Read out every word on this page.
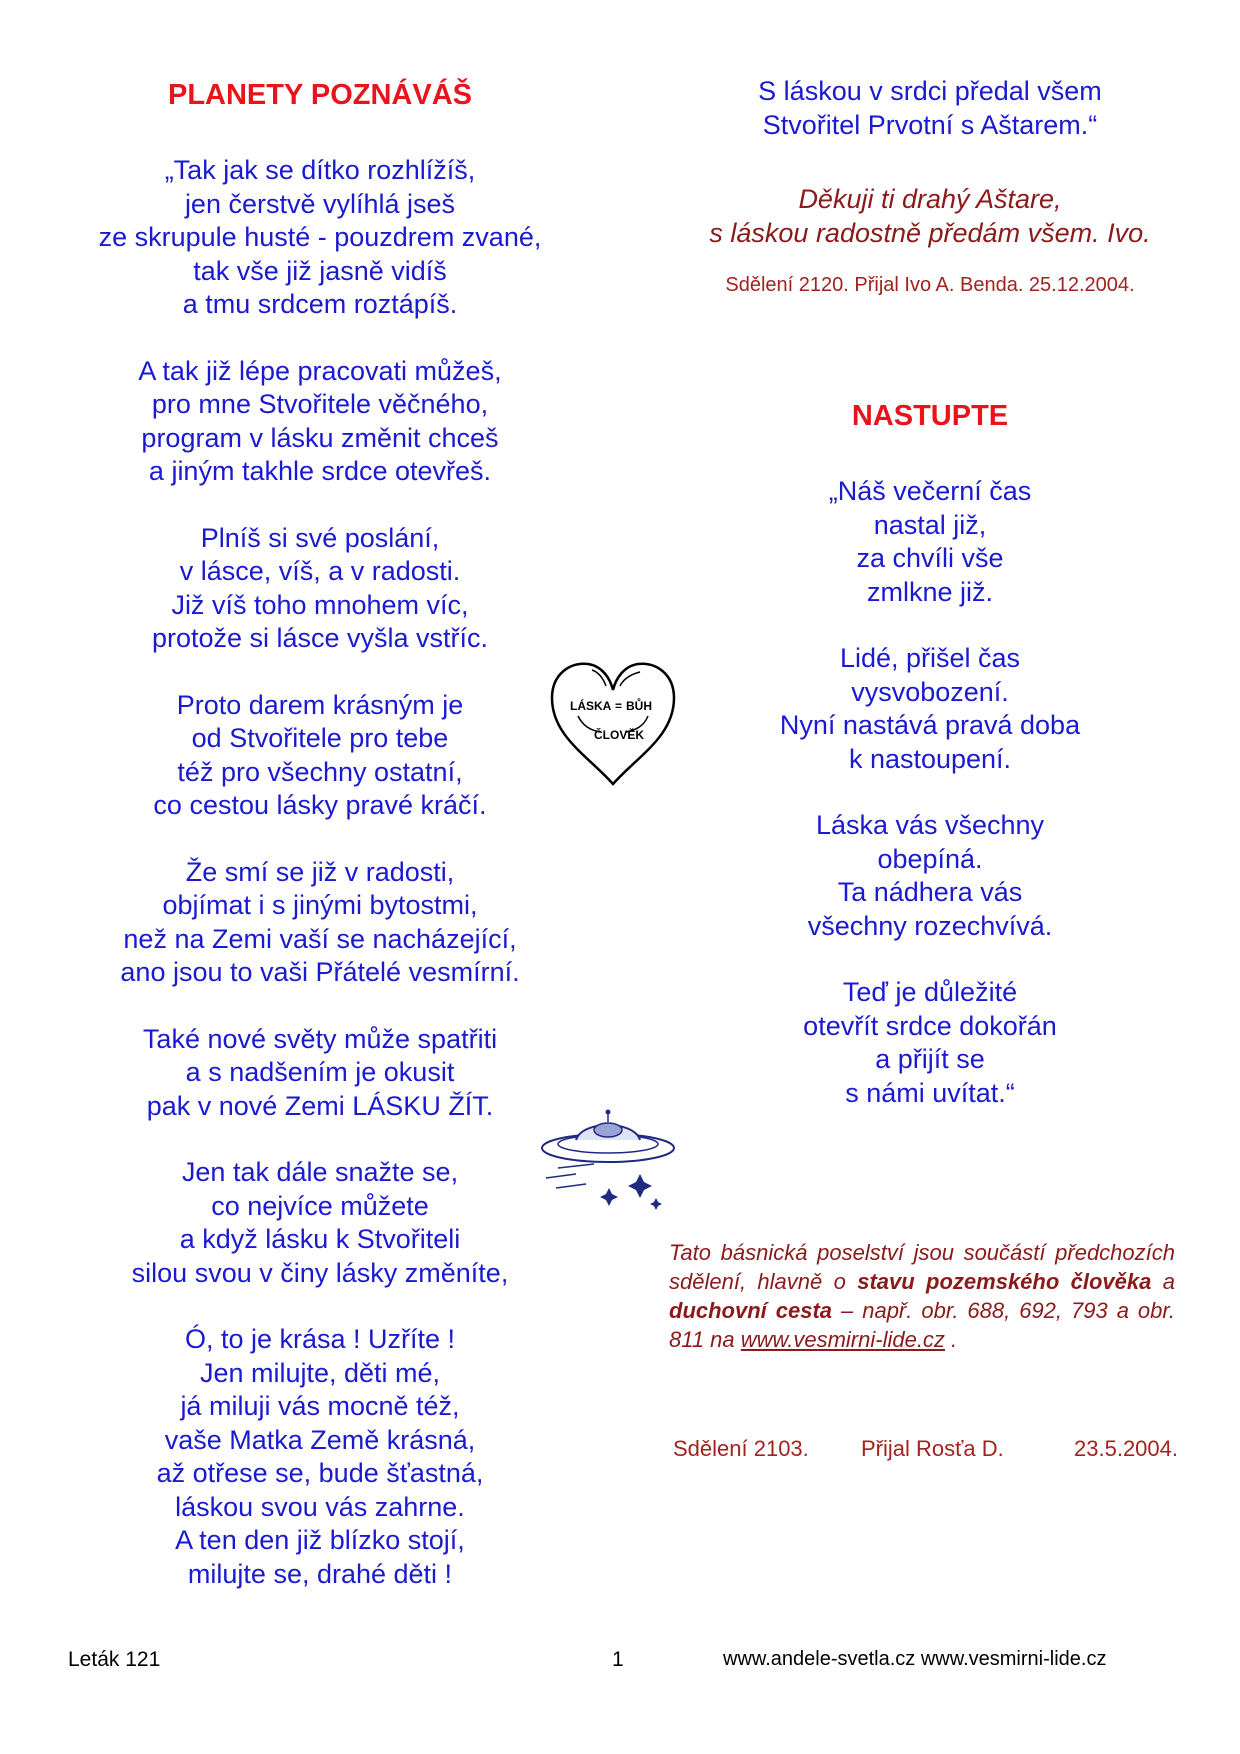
PLANETY POZNÁVÁŠ
„Tak jak se dítko rozhlížíš,
jen čerstvě vylíhlá jseš
ze skrupule husté - pouzdrem zvané,
tak vše již jasně vidíš
a tmu srdcem roztápíš.
A tak již lépe pracovati můžeš,
pro mne Stvořitele věčného,
program v lásku změnit chceš
a jiným takhle srdce otevřeš.
Plníš si své poslání,
v lásce, víš, a v radosti.
Již víš toho mnohem víc,
protože si lásce vyšla vstříc.
Proto darem krásným je
od Stvořitele pro tebe
též pro všechny ostatní,
co cestou lásky pravé kráčí.
Že smí se již v radosti,
objímat i s jinými bytostmi,
než na Zemi vaší se nacházející,
ano jsou to vaši Přátelé vesmírní.
Také nové světy může spatřiti
a s nadšením je okusit
pak v nové Zemi LÁSKU ŽÍT.
Jen tak dále snažte se,
co nejvíce můžete
a když lásku k Stvořiteli
silou svou v činy lásky změníte,
Ó, to je krása ! Uzříte !
Jen milujte, děti mé,
já miluji vás mocně též,
vaše Matka Země krásná,
až otřese se, bude šťastná,
láskou svou vás zahrne.
A ten den již blízko stojí,
milujte se, drahé děti !
S láskou v srdci předal všem
Stvořitel Prvotní s Aštarem.“
Děkuji ti drahý Aštare,
s láskou radostně předám všem. Ivo.
Sdělení 2120. Přijal Ivo A. Benda. 25.12.2004.
NASTUPTE
„Náš večerní čas
nastal již,
za chvíli vše
zmlkne již.
Lidé, přišel čas
vysvobození.
Nyní nastává pravá doba
k nastoupení.
Láska vás všechny
obepíná.
Ta nádhera vás
všechny rozechvívá.
Teď je důležité
otevřít srdce dokořán
a přijít se
s námi uvítat.“
Tato básnická poselství jsou součástí předchozích sdělení, hlavně o stavu pozemského člověka a duchovní cesta – např. obr. 688, 692, 793 a obr. 811 na www.vesmirni-lide.cz .
Sdělení 2103. Přijal Rosťa D.	23.5.2004.
LÁSKA = BŮH
ČLOVĚK
Leták 121	1	www.andele-svetla.cz www.vesmirni-lide.cz
